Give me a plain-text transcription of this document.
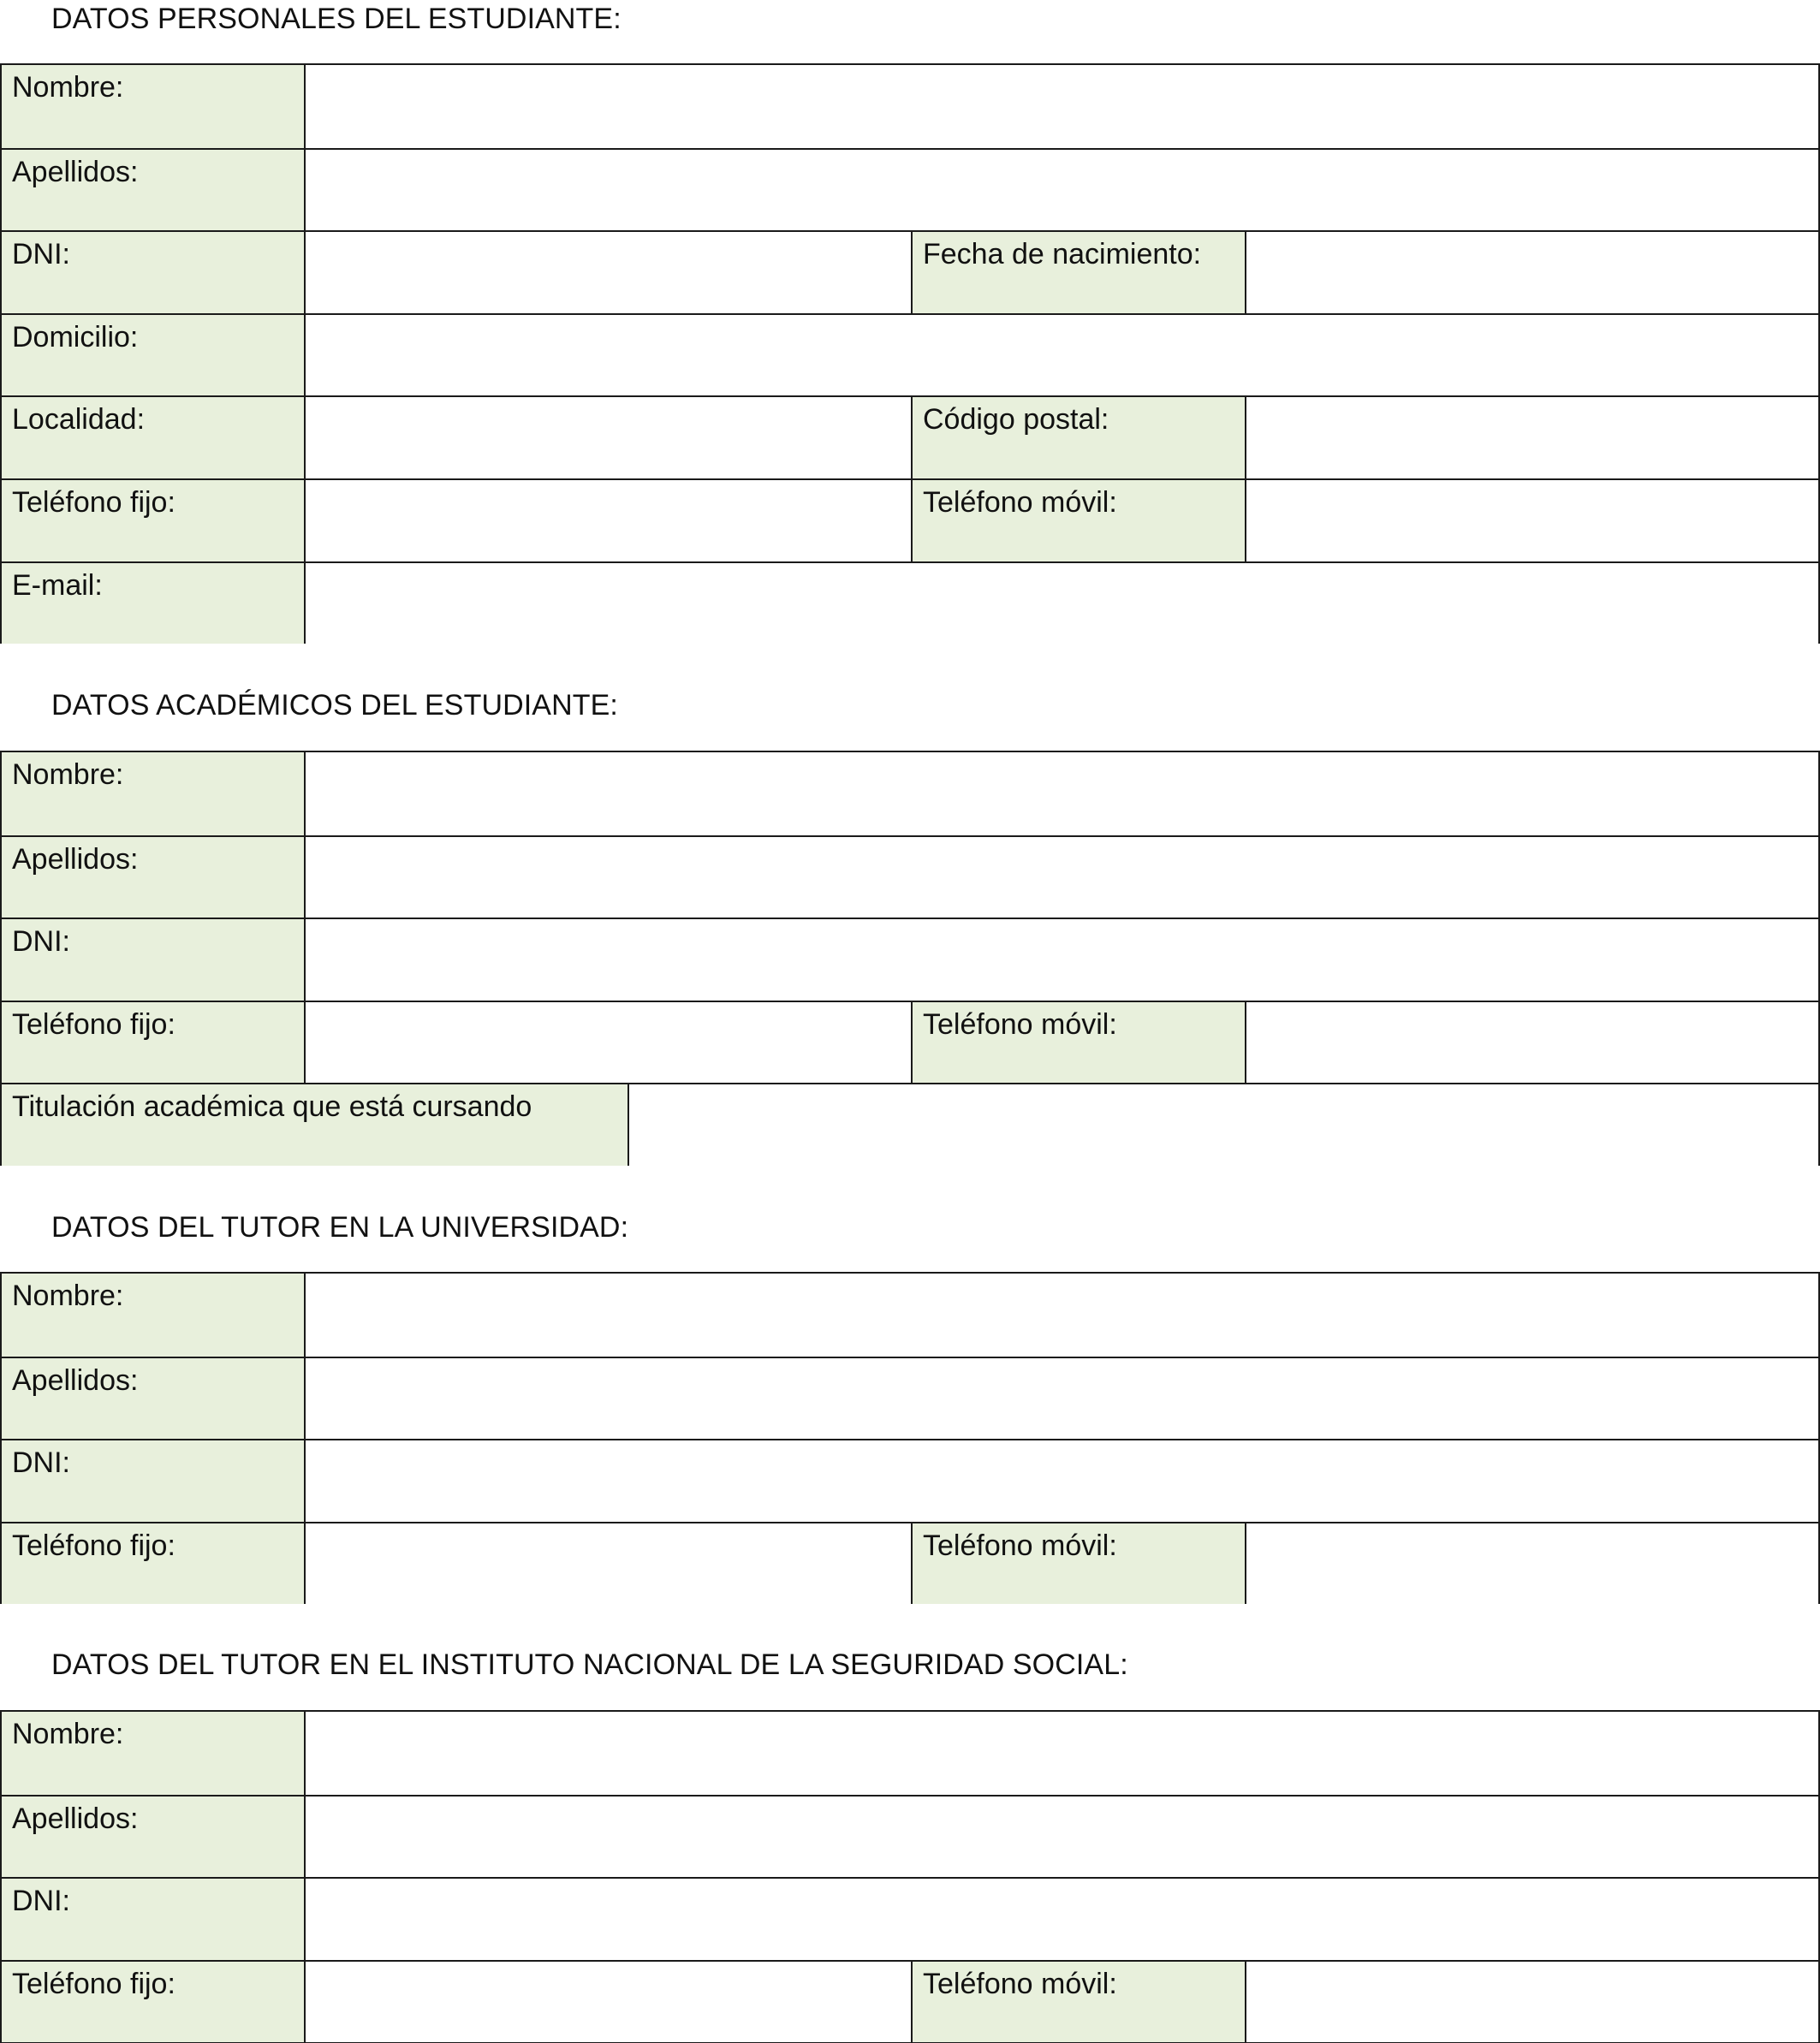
DATOS PERSONALES DEL ESTUDIANTE:
Nombre:
Apellidos:
DNI:	Fecha de nacimiento:
Domicilio:
Localidad:	Código postal:
Teléfono fijo:	Teléfono móvil:
E-mail:
DATOS ACADÉMICOS DEL ESTUDIANTE:
Nombre:
Apellidos:
DNI:
Teléfono fijo:	Teléfono móvil:
Titulación académica que está cursando
DATOS DEL TUTOR EN LA UNIVERSIDAD:
Nombre:
Apellidos:
DNI:
Teléfono fijo:	Teléfono móvil:
DATOS DEL TUTOR EN EL INSTITUTO NACIONAL DE LA SEGURIDAD SOCIAL:
Nombre:
Apellidos:
DNI:
Teléfono fijo:	Teléfono móvil:
